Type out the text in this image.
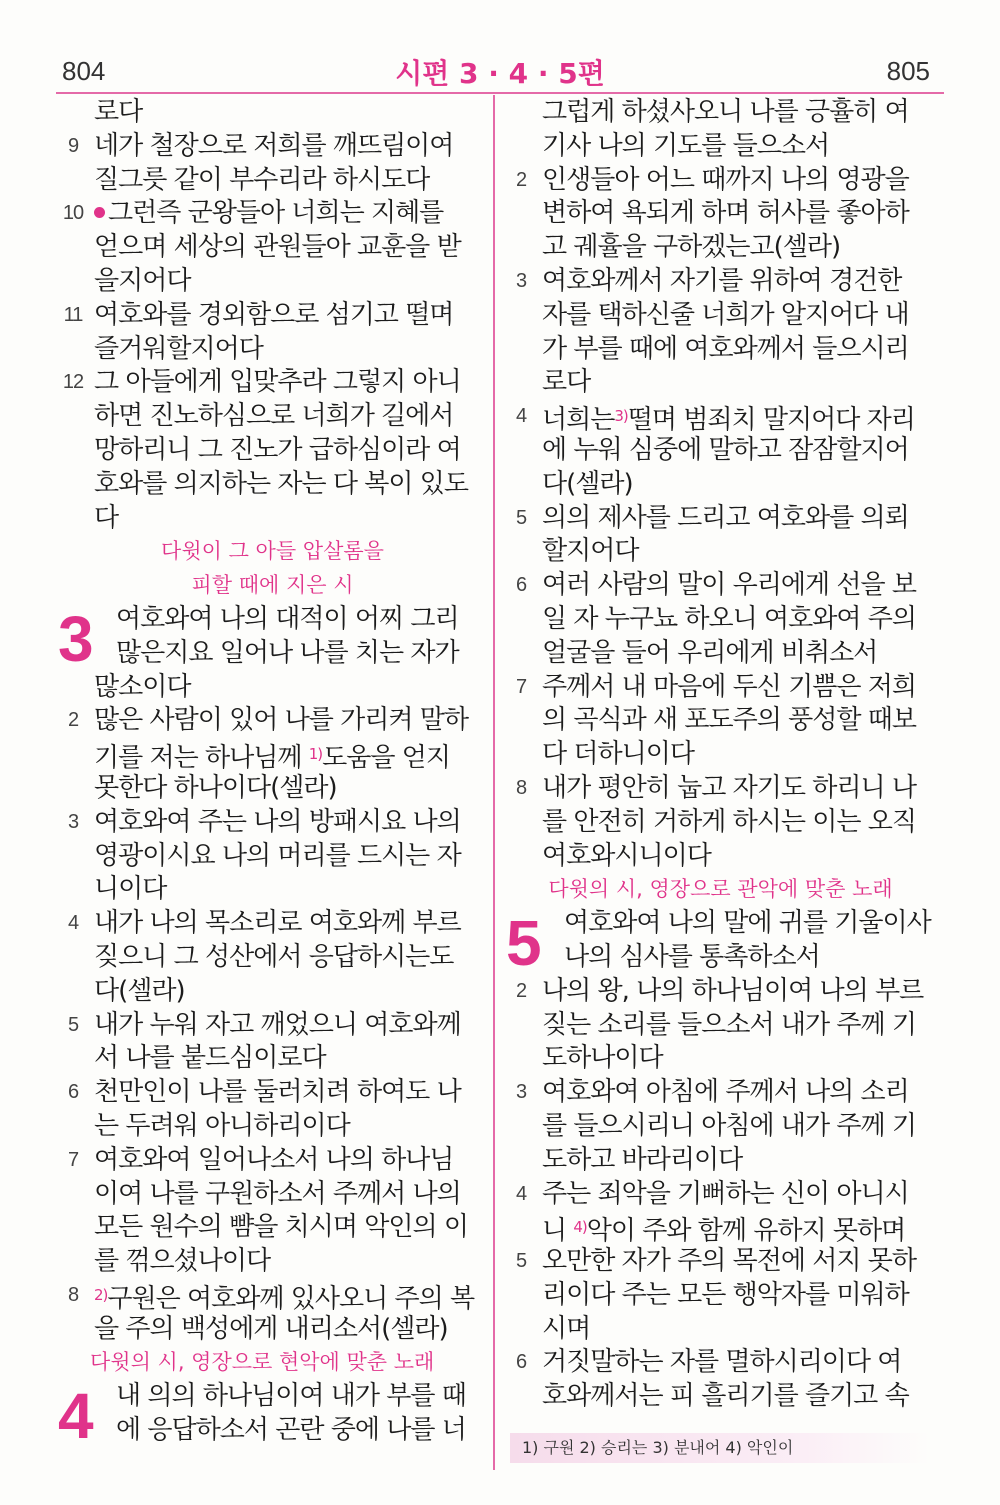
804	시편 3 · 4 · 5편	805
로다
9 네가 철장으로 저희를 깨뜨림이여
질그릇 같이 부수리라 하시도다
10 그런즉 군왕들아 너희는 지혜를
얻으며 세상의 관원들아 교훈을 받
을지어다
11 여호와를 경외함으로 섬기고 떨며
즐거워할지어다
12 그 아들에게 입맞추라 그렇지 아니
하면 진노하심으로 너희가 길에서
망하리니 그 진노가 급하심이라 여
호와를 의지하는 자는 다 복이 있도
다
다윗이 그 아들 압살롬을
피할 때에 지은 시
3 여호와여 나의 대적이 어찌 그리
많은지요 일어나 나를 치는 자가
많소이다
2 많은 사람이 있어 나를 가리켜 말하
기를 저는 하나님께 $^{1)}$도움을 얻지
못한다 하나이다(셀라)
3 여호와여 주는 나의 방패시요 나의
영광이시요 나의 머리를 드시는 자
니이다
4 내가 나의 목소리로 여호와께 부르
짖으니 그 성산에서 응답하시는도
다(셀라)
5 내가 누워 자고 깨었으니 여호와께
서 나를 붙드심이로다
6 천만인이 나를 둘러치려 하여도 나
는 두려워 아니하리이다
7 여호와여 일어나소서 나의 하나님
이여 나를 구원하소서 주께서 나의
모든 원수의 뺨을 치시며 악인의 이
를 꺾으셨나이다
8	$^{2)}$구원은 여호와께 있사오니 주의 복
을 주의 백성에게 내리소서(셀라)
다윗의 시, 영장으로 현악에 맞춘 노래
4 내 의의 하나님이여 내가 부를 때
에 응답하소서 곤란 중에 나를 너
그럽게 하셨사오니 나를 긍휼히 여
기사 나의 기도를 들으소서
2 인생들아 어느 때까지 나의 영광을
변하여 욕되게 하며 허사를 좋아하
고 궤휼을 구하겠는고(셀라)
3 여호와께서 자기를 위하여 경건한
자를 택하신줄 너희가 알지어다 내
가 부를 때에 여호와께서 들으시리
로다
4 너희는$^{3)}$떨며 범죄치 말지어다 자리
에 누워 심중에 말하고 잠잠할지어
다(셀라)
5 의의 제사를 드리고 여호와를 의뢰
할지어다
6 여러 사람의 말이 우리에게 선을 보
일 자 누구뇨 하오니 여호와여 주의
얼굴을 들어 우리에게 비취소서
7 주께서 내 마음에 두신 기쁨은 저희
의 곡식과 새 포도주의 풍성할 때보
다 더하니이다
8 내가 평안히 눕고 자기도 하리니 나
를 안전히 거하게 하시는 이는 오직
여호와시니이다
다윗의 시, 영장으로 관악에 맞춘 노래
5 여호와여 나의 말에 귀를 기울이사
나의 심사를 통촉하소서
2 나의 왕, 나의 하나님이여 나의 부르
짖는 소리를 들으소서 내가 주께 기
도하나이다
3 여호와여 아침에 주께서 나의 소리
를 들으시리니 아침에 내가 주께 기
도하고 바라리이다
4 주는 죄악을 기뻐하는 신이 아니시
니 $^{4)}$악이 주와 함께 유하지 못하며
5 오만한 자가 주의 목전에 서지 못하
리이다 주는 모든 행악자를 미워하
시며
6 거짓말하는 자를 멸하시리이다 여
호와께서는 피 흘리기를 즐기고 속
1) 구원 2) 승리는 3) 분내어 4) 악인이
